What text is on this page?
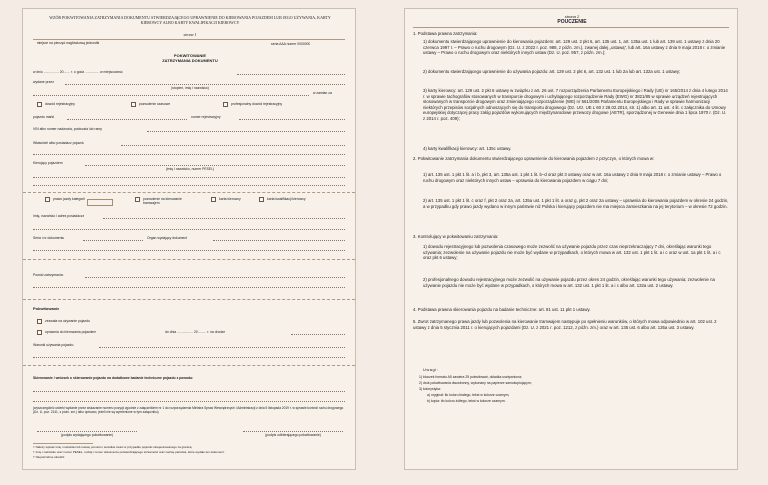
WZÓR POKWITOWANIA ZATRZYMANIA DOKUMENTU STWIERDZAJĄCEGO UPRAWNIENIE DO KIEROWANIA POJAZDEM LUB JEGO UŻYWANIA, KARTY KIEROWCY ALBO KARTY KWALIFIKACJI KIEROWCY
strona 1
miejsce na pieczęć nagłówkową jednostki	seria AAA numer 0000000
POKWITOWANIE
ZATRZYMANIA DOKUMENTU
w dniu ................ 20....... r. o godz. .............. w miejscowości
wydane przez
(stopień, imię i nazwisko)
w zamian za
dowód rejestracyjny	pozwolenie czasowe	profesjonalny dowód rejestracyjny
pojazdu marki	numer rejestracyjny
VIN albo numer nadwozia, podwozia lub ramy
Właściciel albo posiadacz pojazdu
Kierujący pojazdem
(imię i nazwisko, numer PESEL)
prawo jazdy kategorii	pozwolenie na kierowanie tramwajem
karta kierowcy	karta kwalifikacji kierowcy
Imię, nazwisko i adres posiadacza
Seria i nr dokumentu	Organ wydający dokument
Powód zatrzymania:
Pokwitowanie
zezwala na używanie pojazdu
uprawnia do kierowania pojazdem	do dnia ................. 20......... r. na drodze
Warunki używania pojazdu:
Skierowanie / wniosek o skierowanie pojazdu na dodatkowe badanie techniczne pojazdu z powodu:
(wyszczególnić usterki wydanie przez wskazanie numeru pozycji zgodnie z załącznikiem nr 1 do rozporządzenia Ministra Spraw Wewnętrznych i Administracji z dnia 5 listopada 2019 r. w sprawie kontroli ruchu drogowego (Dz. U. poz. 2141, z późn. zm.) albo opisowo, jeżeli nie są wymienione w tym załączniku)
(podpis wydającego pokwitowanie)	(podpis odbierającego pokwitowanie)
¹⁾ Należy wpisać imię i nazwisko lub nazwę pomiotu i wszelkie treści w przypadku pojazdu zarejestrowanego za granicą.
²⁾ Imię i nazwisko oraz numer PESEL, rodzaj i numer dokumentu potwierdzającego tożsamość oraz nazwę państwa, które wydało ten dokument.
³⁾ Niepotrzebne skreślić.
strona 2
POUCZENIE
1. Podstawa prawna zatrzymania:
1) dokumentu stwierdzającego uprawnienie do kierowania pojazdem: art. 129 ust. 2 pkt 6, art. 135 ust. 1, art. 135a ust. 1 lub art. 139 ust. 1 ustawy z dnia 20 czerwca 1997 r. – Prawo o ruchu drogowym (Dz. U. z 2022 r. poz. 988, z późn. zm.), zwanej dalej „ustawą”, lub art. 16a ustawy z dnia 9 maja 2018 r. o zmianie ustawy – Prawo o ruchu drogowym oraz niektórych innych ustaw (Dz. U. poz. 957, z późn. zm.);
2) dokumentu stwierdzającego uprawnienie do używania pojazdu: art. 129 ust. 2 pkt 6, art. 132 ust. 1 lub 2a lub art. 132a ust. 1 ustawy;
3) karty kierowcy: art. 129 ust. 2 pkt 6 ustawy w związku z art. 26 ust. 7 rozporządzenia Parlamentu Europejskiego i Rady (UE) nr 165/2014 z dnia 4 lutego 2014 r. w sprawie tachografów stosowanych w transporcie drogowym i uchylającego rozporządzenie Rady (EWG) nr 3821/85 w sprawie urządzeń rejestrujących stosowanych w transporcie drogowym oraz zmieniającego rozporządzenie (WE) nr 561/2006 Parlamentu Europejskiego i Rady w sprawie harmonizacji niektórych przepisów socjalnych odnoszących się do transportu drogowego (Dz. Urz. UE L 60 z 28.02.2014, str. 1) albo art. 11 ust. 4 lit. c załącznika do Umowy europejskiej dotyczącej pracy załóg pojazdów wykonujących międzynarodowe przewozy drogowe (AETR), sporządzonej w Genewie dnia 1 lipca 1970 r. (Dz. U. z 2014 r. poz. 409);
4) karty kwalifikacji kierowcy: art. 135c ustawy.
2. Pokwitowanie zatrzymania dokumentu stwierdzającego uprawnienie do kierowania pojazdem z przyczyn, o których mowa w:
1) art. 135 ust. 1 pkt 1 lit. a i b, pkt 3, art. 135a ust. 1 pkt 1 lit. b–d oraz pkt 3 ustawy oraz w art. 16a ustawy z dnia 9 maja 2018 r. o zmianie ustawy – Prawo o ruchu drogowym oraz niektórych innych ustaw – uprawnia do kierowania pojazdem w ciągu 7 dni;
2) art. 135 ust. 1 pkt 1 lit. c oraz f, pkt 2 oraz 2a, art. 135a ust. 1 pkt 1 lit. a oraz g, pkt 2 oraz 2a ustawy – uprawnia do kierowania pojazdem w okresie 24 godzin, a w przypadku gdy prawo jazdy wydano w innym państwie niż Polska i kierujący pojazdem nie ma miejsca zamieszkania na jej terytorium – w okresie 72 godzin.
3. Kontrolujący w pokwitowaniu zatrzymania:
1) dowodu rejestracyjnego lub pozwolenia czasowego może zezwolić na używanie pojazdu przez czas nieprzekraczający 7 dni, określając warunki tego używania; zezwolenie na używanie pojazdu nie może być wydane w przypadkach, o których mowa w art. 132 ust. 1 pkt 1 lit. a i c oraz w ust. 1a pkt 1 lit. a i c oraz pkt 6 ustawy;
2) profesjonalnego dowodu rejestracyjnego może zezwolić na używanie pojazdu przez okres 24 godzin, określając warunki tego używania; zezwolenie na używanie pojazdu nie może być wydane w przypadkach, o których mowa w art. 132 ust. 1 pkt 1 lit. a i c albo art. 132a ust. 2 ustawy.
4. Podstawa prawna skierowania pojazdu na badanie techniczne: art. 81 ust. 11 pkt 1 ustawy.
5. Zwrot zatrzymanego prawa jazdy lub pozwolenia na kierowanie tramwajem następuje po spełnieniu warunków, o których mowa odpowiednio w art. 102 ust. 2 ustawy z dnia 5 stycznia 2011 r. o kierujących pojazdami (Dz. U. z 2021 r. poz. 1212, z późn. zm.) oraz w art. 135 ust. 6 albo art. 135a ust. 3 ustawy.
Uwagi:
1) bloczek formatu A5 zawiera 25 pokwitowań, okładka usztywniona;
2) druk pokwitowania dwustronny, wykonany na papierze samokopiującym;
3) kolorystyka:
a) oryginał: tło koloru białego, tekst w kolorze czarnym,
b) kopia: tło koloru żółtego, tekst w kolorze czarnym.
